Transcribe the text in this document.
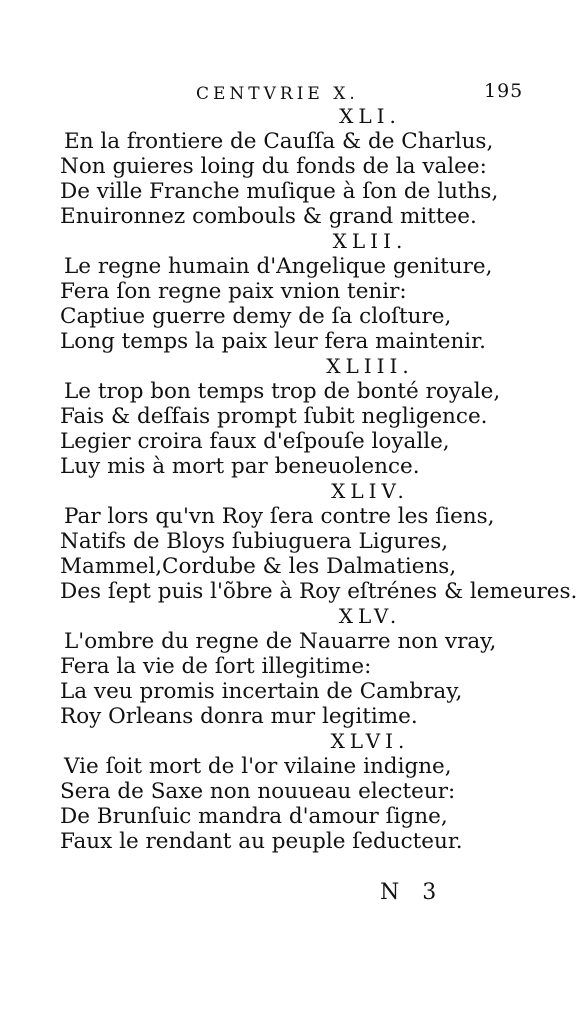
CENTVRIE X.	195
XLI.
En la frontiere de Cauſſa & de Charlus,
Non guieres loing du fonds de la valee:
De ville Franche muſique à ſon de luths,
Enuironnez combouls & grand mittee.
XLII.
Le regne humain d'Angelique geniture,
Fera ſon regne paix vnion tenir:
Captiue guerre demy de ſa cloſture,
Long temps la paix leur fera maintenir.
XLIII.
Le trop bon temps trop de bonté royale,
Fais & deſfais prompt ſubit negligence.
Legier croira faux d'eſpouſe loyalle,
Luy mis à mort par beneuolence.
XLIV.
Par lors qu'vn Roy ſera contre les ſiens,
Natifs de Bloys ſubiuguera Ligures,
Mammel,Cordube & les Dalmatiens,
Des ſept puis l'õbre à Roy eſtrénes & lemeures.
XLV.
L'ombre du regne de Nauarre non vray,
Fera la vie de ſort illegitime:
La veu promis incertain de Cambray,
Roy Orleans donra mur legitime.
XLVI.
Vie ſoit mort de l'or vilaine indigne,
Sera de Saxe non nouueau electeur:
De Brunſuic mandra d'amour ſigne,
Faux le rendant au peuple ſeducteur.
N 3
